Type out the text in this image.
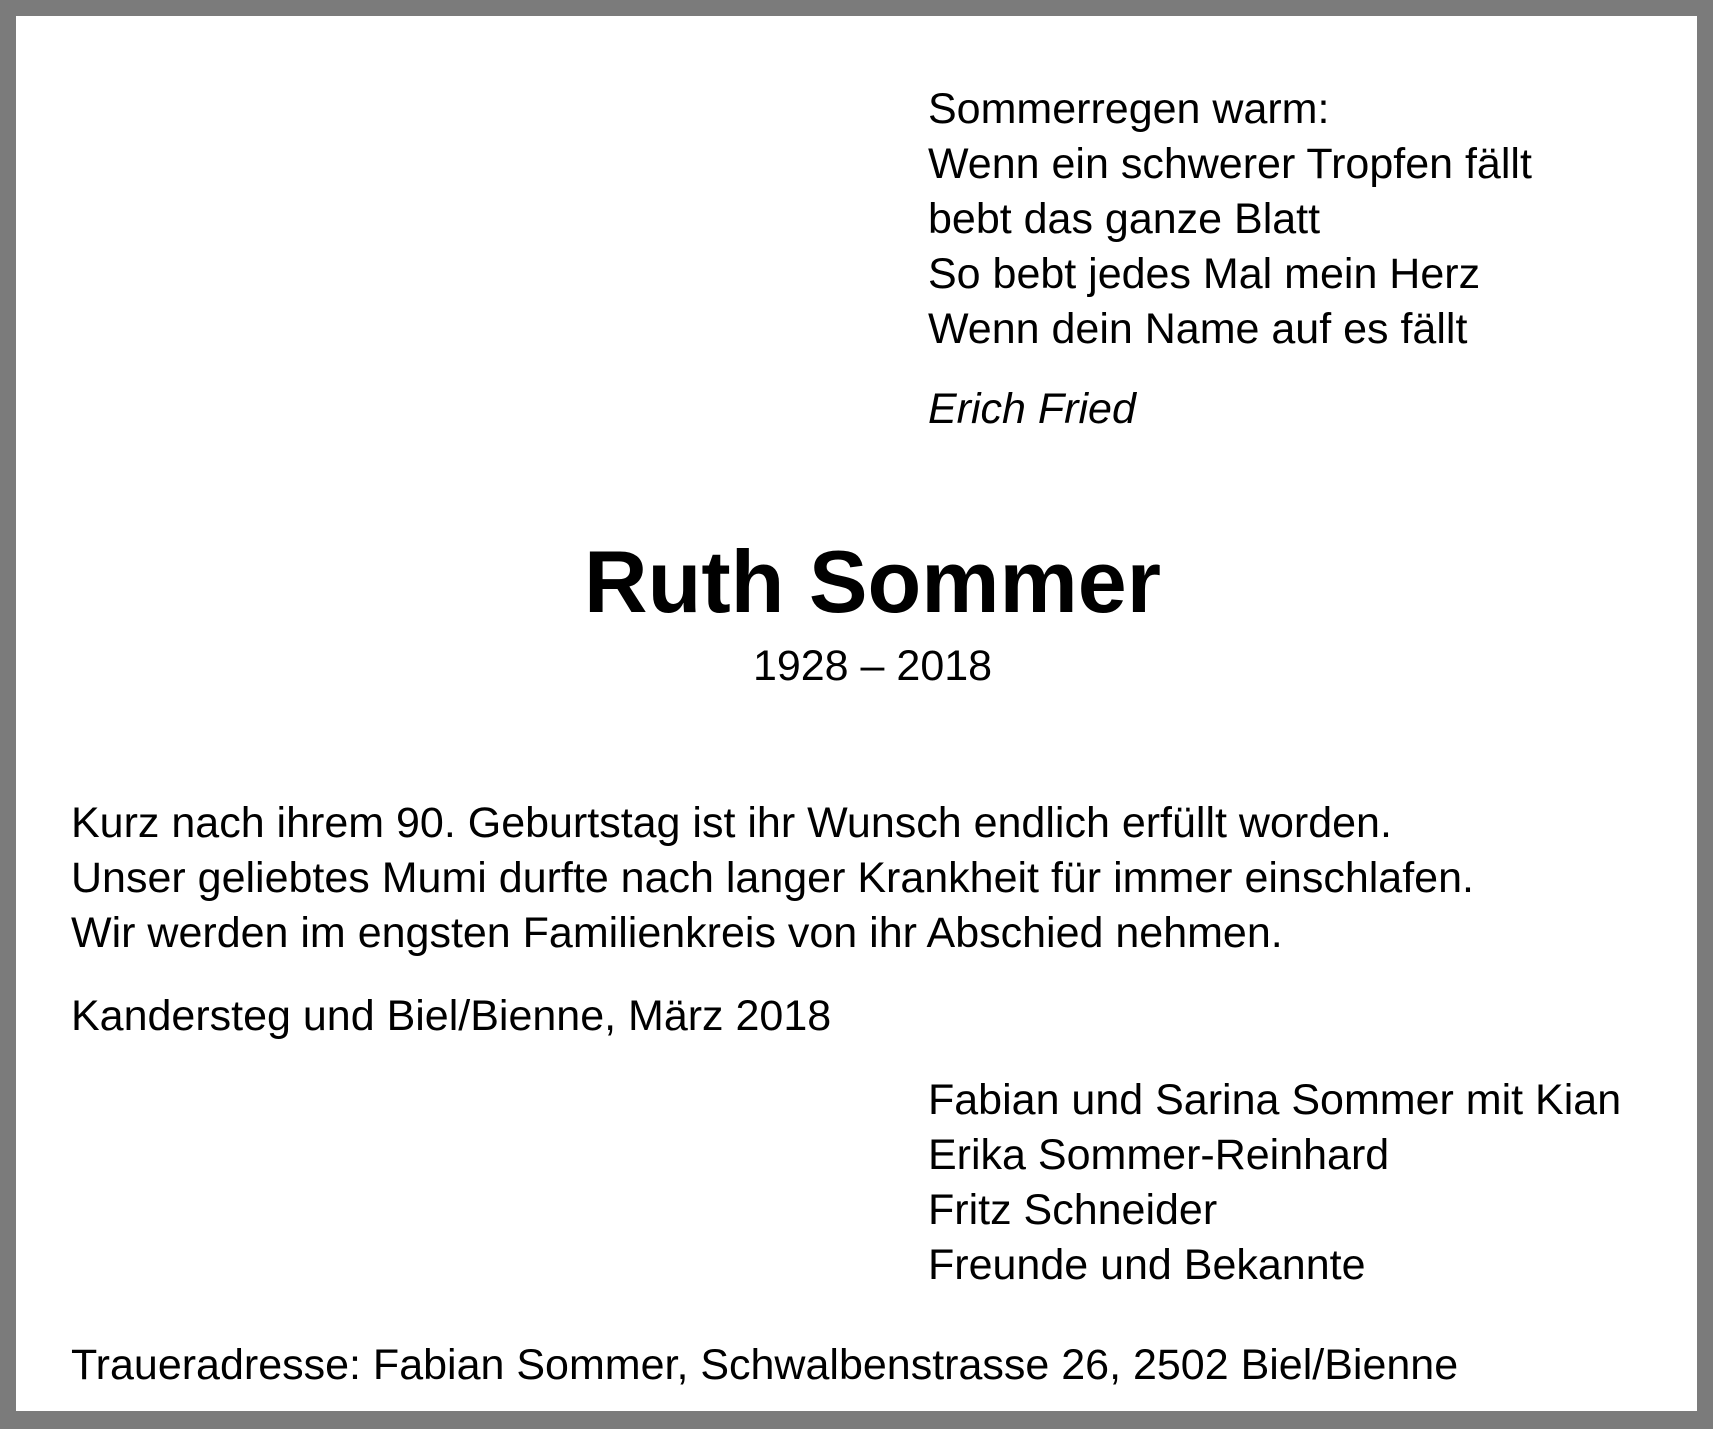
Sommerregen warm:
Wenn ein schwerer Tropfen fällt
bebt das ganze Blatt
So bebt jedes Mal mein Herz
Wenn dein Name auf es fällt
Erich Fried
Ruth Sommer
1928 – 2018
Kurz nach ihrem 90. Geburtstag ist ihr Wunsch endlich erfüllt worden.
Unser geliebtes Mumi durfte nach langer Krankheit für immer einschlafen.
Wir werden im engsten Familienkreis von ihr Abschied nehmen.
Kandersteg und Biel/Bienne, März 2018
Fabian und Sarina Sommer mit Kian
Erika Sommer-Reinhard
Fritz Schneider
Freunde und Bekannte
Traueradresse: Fabian Sommer, Schwalbenstrasse 26, 2502 Biel/Bienne
